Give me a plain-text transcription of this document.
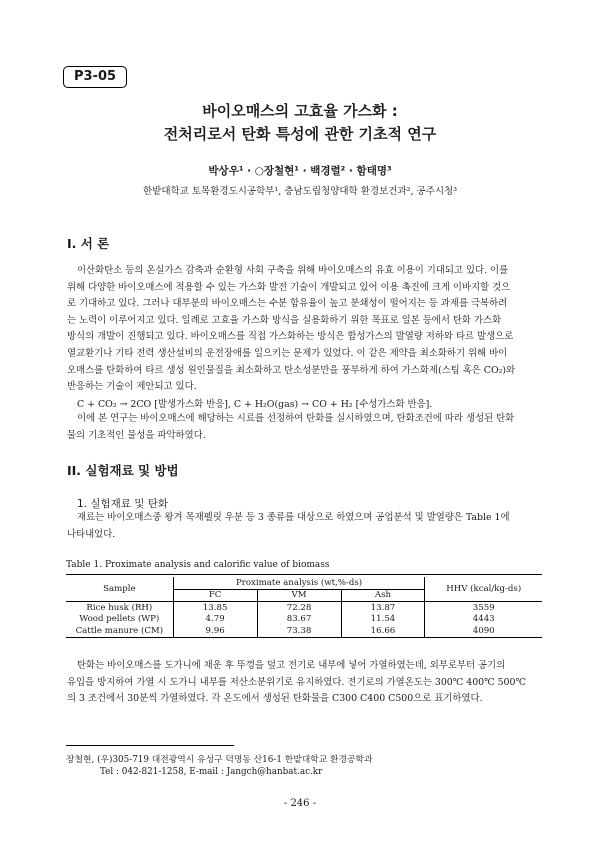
P3-05
바이오매스의 고효율 가스화 :
전처리로서 탄화 특성에 관한 기초적 연구
박상우¹ · ○장철현¹ · 백경렬² · 함태명³
한밭대학교 토목환경도시공학부¹, 충남도립청양대학 환경보건과², 공주시청³
I. 서 론
이산화탄소 등의 온실가스 감축과 순환형 사회 구축을 위해 바이오매스의 유효 이용이 기대되고 있다. 이를
위해 다양한 바이오매스에 적용할 수 있는 가스화 발전 기술이 개발되고 있어 이용 촉진에 크게 이바지할 것으
로 기대하고 있다. 그러나 대부분의 바이오매스는 수분 함유율이 높고 분쇄성이 떨어지는 등 과제를 극복하려
는 노력이 이루어지고 있다. 일례로 고효율 가스화 방식을 실용화하기 위한 목표로 일본 등에서 탄화 가스화
방식의 개발이 진행되고 있다. 바이오매스를 직접 가스화하는 방식은 합성가스의 발열량 저하와 타르 발생으로
열교환기나 기타 전력 생산설비의 운전장애를 일으키는 문제가 있었다. 이 같은 제약을 최소화하기 위해 바이
오매스를 탄화하여 타르 생성 원인물질을 최소화하고 탄소성분만을 풍부하게 하여 가스화제(스팀 혹은 CO₂)와
반응하는 기술이 제안되고 있다.
C + CO₂ → 2CO [발생가스화 반응], C + H₂O(gas) → CO + H₂ [수성가스화 반응].
이에 본 연구는 바이오매스에 해당하는 시료를 선정하여 탄화를 실시하였으며, 탄화조건에 따라 생성된 탄화
물의 기초적인 물성을 파악하였다.
II. 실험재료 및 방법
1. 실험재료 및 탄화
재료는 바이오매스중 왕겨 목재펠릿 우분 등 3 종류를 대상으로 하였으며 공업분석 및 발열량은 Table 1에
나타내었다.
Table 1. Proximate analysis and calorific value of biomass

Sample	Proximate analysis (wt,%-ds)			HHV (kcal/kg-ds)
	FC	VM	Ash	

Rice husk (RH)	13.85	72.28	13.87	3559
Wood pellets (WP)	4.79	83.67	11.54	4443
Cattle manure (CM)	9.96	73.38	16.66	4090

탄화는 바이오매스를 도가니에 채운 후 뚜껑을 덮고 전기로 내부에 넣어 가열하였는데, 외부로부터 공기의
유입을 방지하여 가열 시 도가니 내부를 저산소분위기로 유지하였다. 전기로의 가열온도는 300℃ 400℃ 500℃
의 3 조건에서 30분씩 가열하였다. 각 온도에서 생성된 탄화물을 C300 C400 C500으로 표기하였다.
장철현, (우)305-719 대전광역시 유성구 덕명동 산16-1 한밭대학교 환경공학과
Tel : 042-821-1258, E-mail : Jangch@hanbat.ac.kr
- 246 -
